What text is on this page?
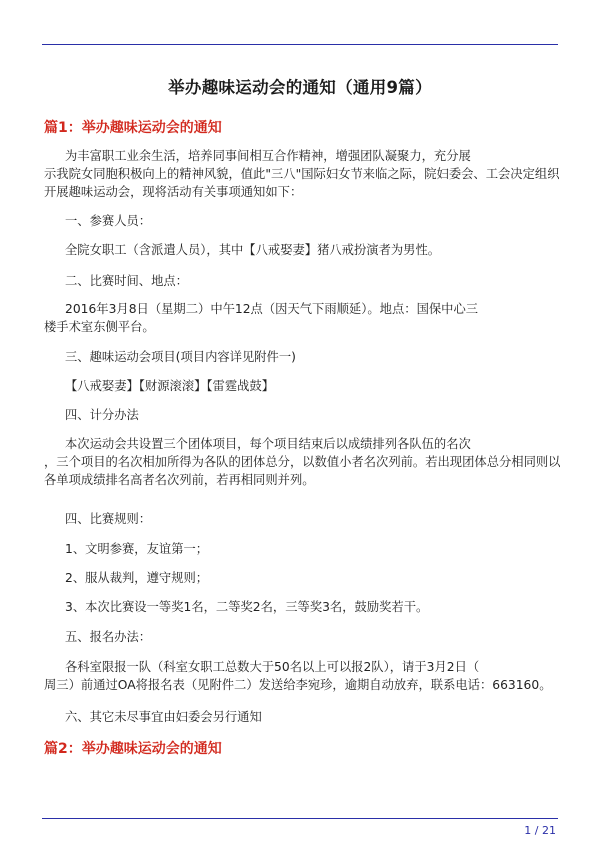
举办趣味运动会的通知（通用9篇）
篇1：举办趣味运动会的通知
为丰富职工业余生活，培养同事间相互合作精神，增强团队凝聚力，充分展
示我院女同胞积极向上的精神风貌，值此"三八"国际妇女节来临之际，院妇委会、工会决定组织
开展趣味运动会，现将活动有关事项通知如下：
一、参赛人员：
全院女职工（含派遣人员），其中【八戒娶妻】猪八戒扮演者为男性。
二、比赛时间、地点：
2016年3月8日（星期二）中午12点（因天气下雨顺延）。地点：国保中心三
楼手术室东侧平台。
三、趣味运动会项目(项目内容详见附件一)
【八戒娶妻】【财源滚滚】【雷霆战鼓】
四、计分办法
本次运动会共设置三个团体项目，每个项目结束后以成绩排列各队伍的名次
，三个项目的名次相加所得为各队的团体总分，以数值小者名次列前。若出现团体总分相同则以
各单项成绩排名高者名次列前，若再相同则并列。
四、比赛规则：
1、文明参赛，友谊第一；
2、服从裁判，遵守规则；
3、本次比赛设一等奖1名，二等奖2名，三等奖3名，鼓励奖若干。
五、报名办法：
各科室限报一队（科室女职工总数大于50名以上可以报2队），请于3月2日（
周三）前通过OA将报名表（见附件二）发送给李宛珍，逾期自动放弃，联系电话：663160。
六、其它未尽事宜由妇委会另行通知
篇2：举办趣味运动会的通知
1 / 21
